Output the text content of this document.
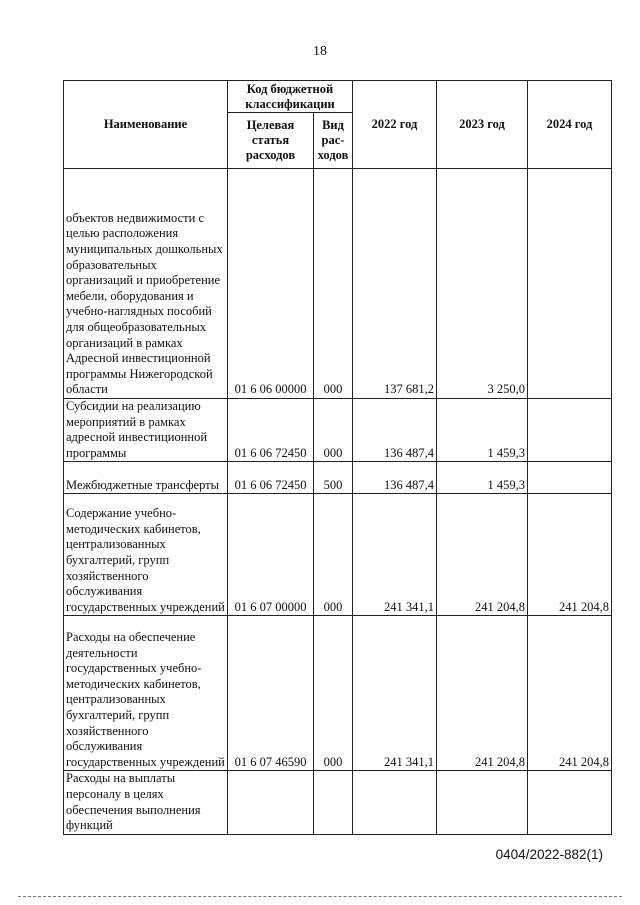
18
Наименование	Код бюджетной классификации		2022 год	2023 год	2024 год
	Целевая статья расходов	Вид рас-ходов			
объектов недвижимости с целью расположения муниципальных дошкольных образовательных организаций и приобретение мебели, оборудования и учебно-наглядных пособий для общеобразовательных организаций в рамках Адресной инвестиционной программы Нижегородской области	01 6 06 00000	000	137 681,2	3 250,0	
Субсидии на реализацию мероприятий в рамках адресной инвестиционной программы	01 6 06 72450	000	136 487,4	1 459,3	
Межбюджетные трансферты	01 6 06 72450	500	136 487,4	1 459,3	
Содержание учебно-методических кабинетов, централизованных бухгалтерий, групп хозяйственного обслуживания государственных учреждений	01 6 07 00000	000	241 341,1	241 204,8	241 204,8
Расходы на обеспечение деятельности государственных учебно-методических кабинетов, централизованных бухгалтерий, групп хозяйственного обслуживания государственных учреждений	01 6 07 46590	000	241 341,1	241 204,8	241 204,8
Расходы на выплаты персоналу в целях обеспечения выполнения функций					
0404/2022-882(1)
